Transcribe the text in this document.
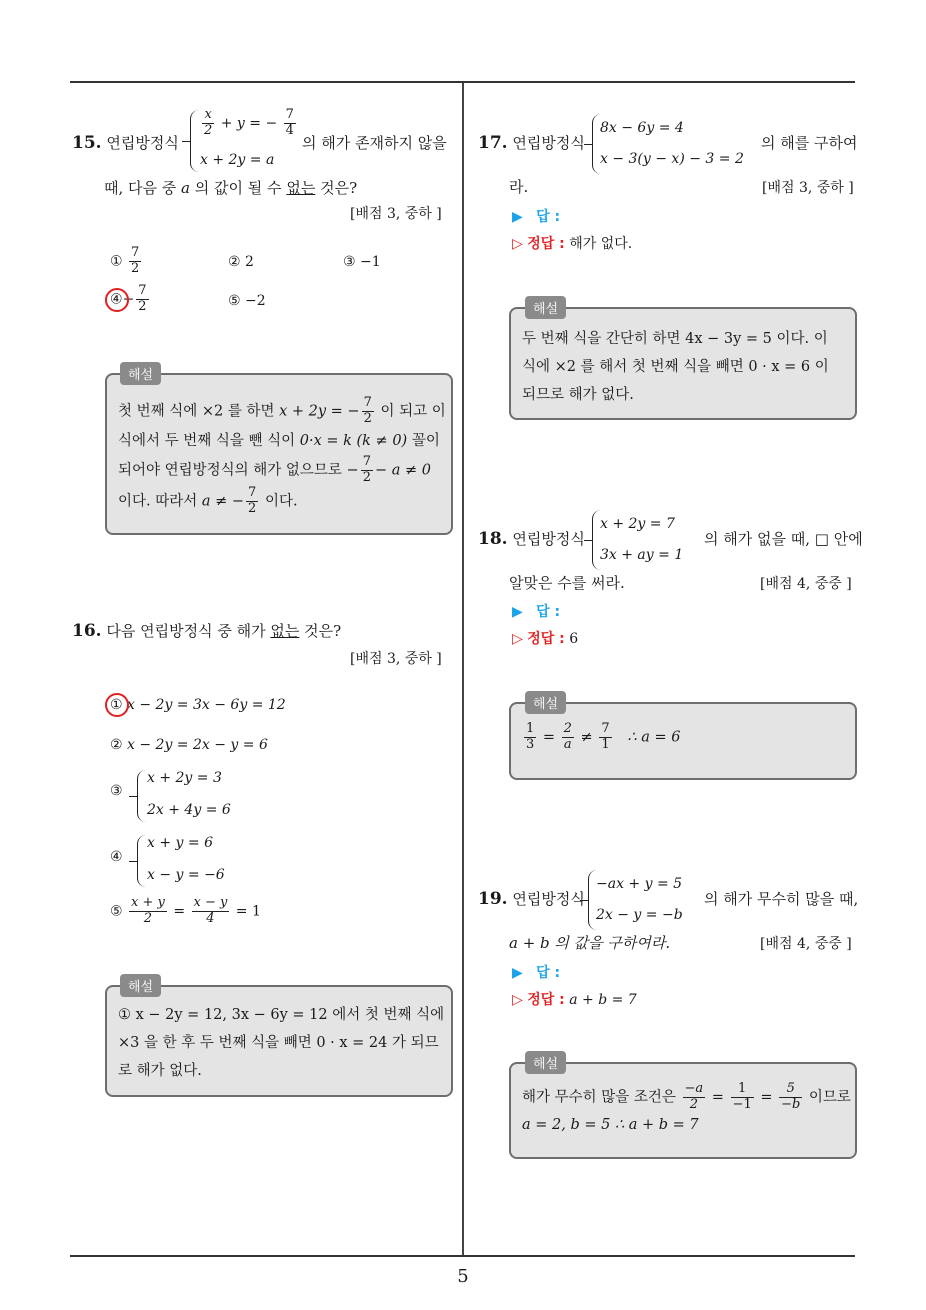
5
15. 연립방정식
$\frac{x}{2} + y$ = − $\frac{7}{4}$
x + 2y = a
의 해가 존재하지 않을
때, 다음 중 a 의 값이 될 수 없는 것은?
[배점 3, 중하 ]
① $\frac{7}{2}$	② 2	③ −1
④− $\frac{7}{2}$	⑤ −2
해설
첫 번째 식에 ×2 를 하면 x + 2y = − $\frac{7}{2}$ 이 되고 이
식에서 두 번째 식을 뺀 식이 0·x = k (k ≠ 0) 꼴이
되어야 연립방정식의 해가 없으므로 − $\frac{7}{2} - a \ne 0$
이다. 따라서 a ≠ − $\frac{7}{2}$ 이다.
16. 다음 연립방정식 중 해가 없는 것은?
[배점 3, 중하 ]
① x − 2y = 3x − 6y = 12
② x − 2y = 2x − y = 6
③
x + 2y = 3
2x + 4y = 6
④
x + y = 6
x − y = −6
⑤ $\frac{x + y}{2} = \frac{x - y}{4} = 1$
해설
① x − 2y = 12, 3x − 6y = 12 에서 첫 번째 식에
×3 을 한 후 두 번째 식을 빼면 0 · x = 24 가 되므
로 해가 없다.
17. 연립방정식
8x − 6y = 4
x − 3(y − x) − 3 = 2
의 해를 구하여
라.	[배점 3, 중하 ]
▶ 답 :
▷ 정답 : 해가 없다.
해설
두 번째 식을 간단히 하면 4x − 3y = 5 이다. 이
식에 ×2 를 해서 첫 번째 식을 빼면 0 · x = 6 이
되므로 해가 없다.
18. 연립방정식
x + 2y = 7
3x + ay = 1
의 해가 없을 때, □ 안에
알맞은 수를 써라.	[배점 4, 중중 ]
▶ 답 :
▷ 정답 : 6
해설
$\frac{1}{3} = \frac{2}{a} \ne \frac{7}{1}$ ∴ a = 6
19. 연립방정식
−ax + y = 5
2x − y = −b
의 해가 무수히 많을 때,
a + b 의 값을 구하여라.	[배점 4, 중중 ]
▶ 답 :
▷ 정답 : a + b = 7
해설
해가 무수히 많을 조건은 $\frac{-a}{2} = \frac{1}{-1} = \frac{5}{-b}$ 이므로
a = 2, b = 5 ∴ a + b = 7
